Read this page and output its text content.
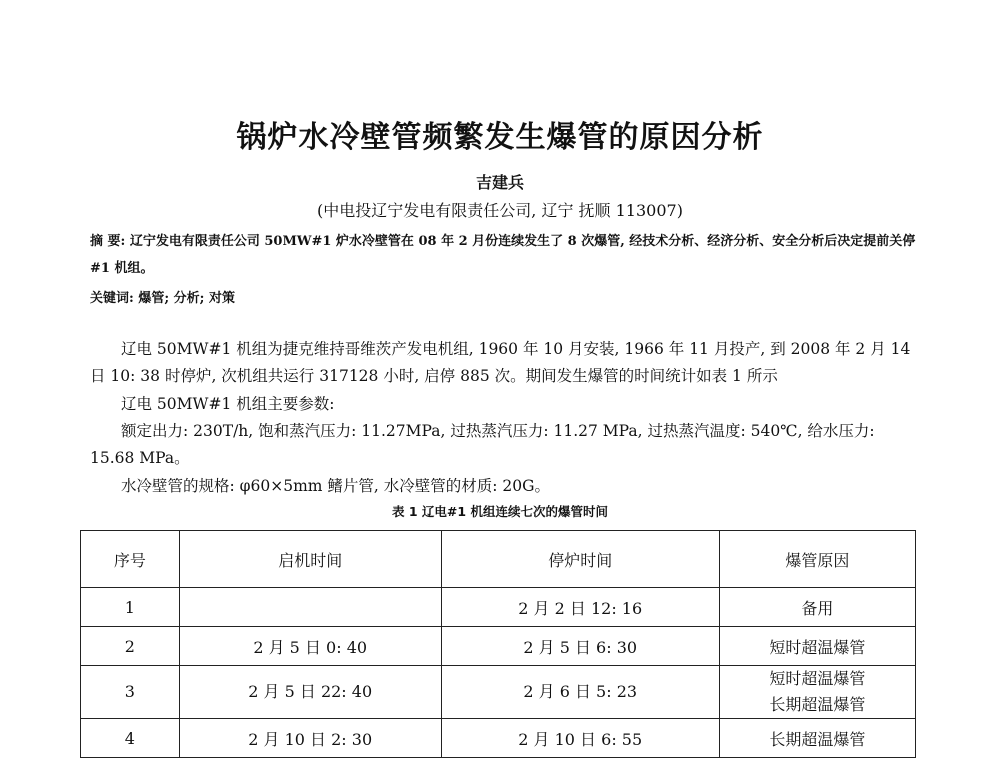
锅炉水冷壁管频繁发生爆管的原因分析
吉建兵
(中电投辽宁发电有限责任公司, 辽宁 抚顺 113007)
摘 要: 辽宁发电有限责任公司 50MW#1 炉水冷壁管在 08 年 2 月份连续发生了 8 次爆管, 经技术分析、经济分析、安全分析后决定提前关停#1 机组。
关键词: 爆管; 分析; 对策
辽电 50MW#1 机组为捷克维持哥维茨产发电机组, 1960 年 10 月安装, 1966 年 11 月投产, 到 2008 年 2 月 14 日 10: 38 时停炉, 次机组共运行 317128 小时, 启停 885 次。期间发生爆管的时间统计如表 1 所示
辽电 50MW#1 机组主要参数:
额定出力: 230T/h, 饱和蒸汽压力: 11.27MPa, 过热蒸汽压力: 11.27 MPa, 过热蒸汽温度: 540℃, 给水压力: 15.68 MPa。
水冷壁管的规格: φ60×5mm 鳍片管, 水冷壁管的材质: 20G。
表 1 辽电#1 机组连续七次的爆管时间
序号	启机时间	停炉时间	爆管原因
1		2 月 2 日 12: 16	备用
2	2 月 5 日 0: 40	2 月 5 日 6: 30	短时超温爆管
3	2 月 5 日 22: 40	2 月 6 日 5: 23	短时超温爆管
长期超温爆管

4	2 月 10 日 2: 30	2 月 10 日 6: 55	长期超温爆管
